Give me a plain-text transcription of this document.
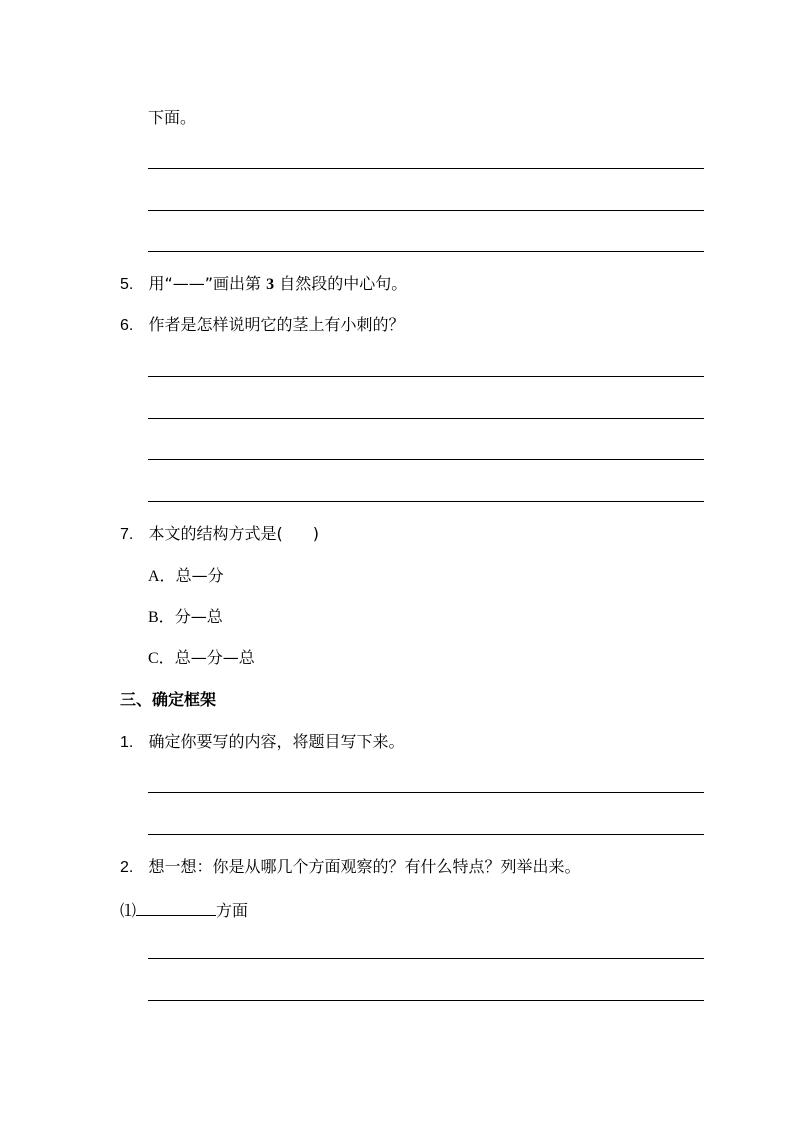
下面。
5. 用“——”画出第 3 自然段的中心句。
6. 作者是怎样说明它的茎上有小刺的？
7. 本文的结构方式是( )
A．总—分
B．分—总
C．总—分—总
三、确定框架
1. 确定你要写的内容，将题目写下来。
2. 想一想：你是从哪几个方面观察的？有什么特点？列举出来。
⑴	方面
